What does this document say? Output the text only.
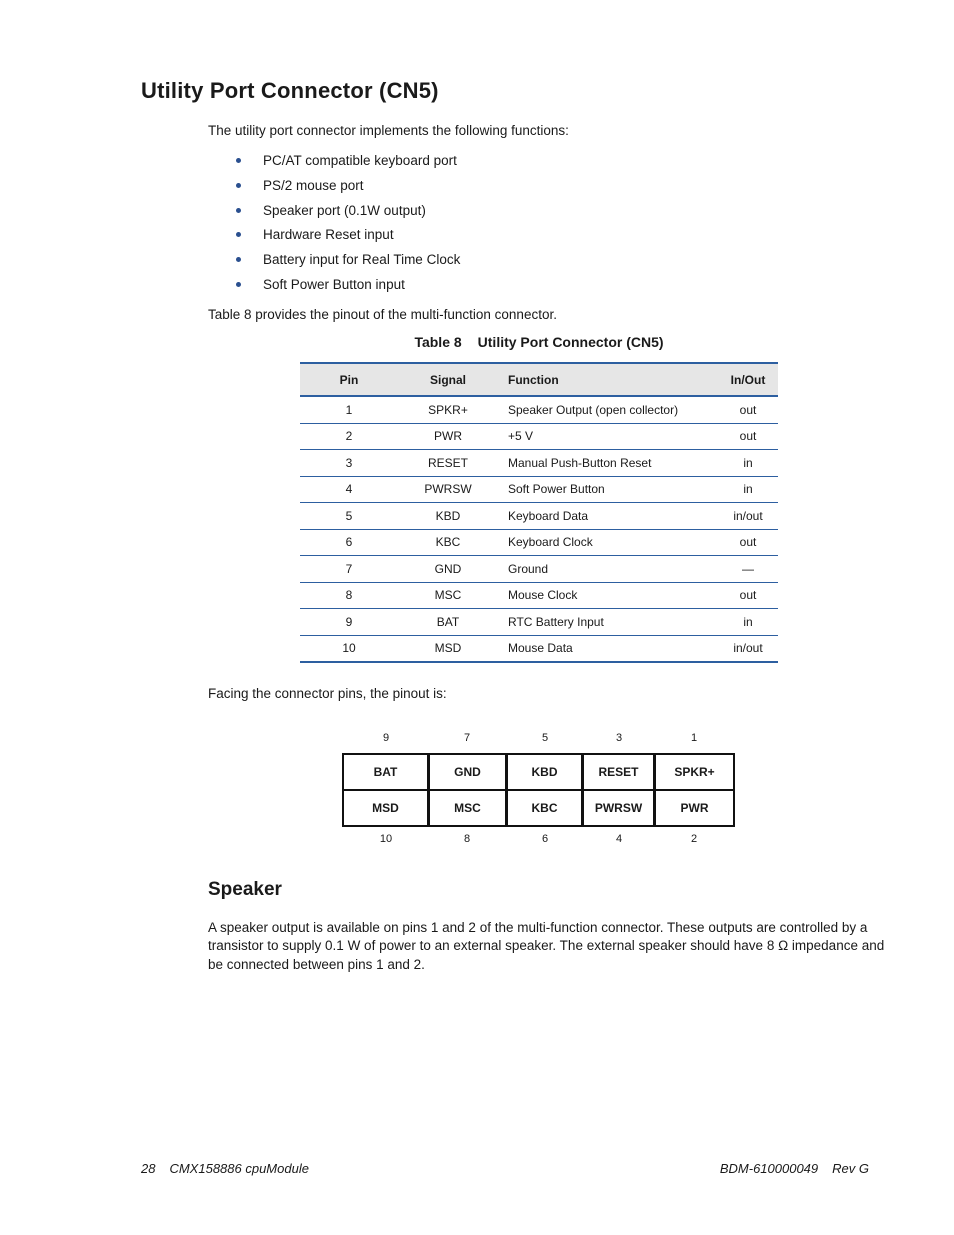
Utility Port Connector (CN5)
The utility port connector implements the following functions:
PC/AT compatible keyboard port
PS/2 mouse port
Speaker port (0.1W output)
Hardware Reset input
Battery input for Real Time Clock
Soft Power Button input
Table 8 provides the pinout of the multi-function connector.
Table 8 Utility Port Connector (CN5)
Pin	Signal	Function	In/Out
1	SPKR+	Speaker Output (open collector)	out
2	PWR	+5 V	out
3	RESET	Manual Push-Button Reset	in
4	PWRSW	Soft Power Button	in
5	KBD	Keyboard Data	in/out
6	KBC	Keyboard Clock	out
7	GND	Ground	—
8	MSC	Mouse Clock	out
9	BAT	RTC Battery Input	in
10	MSD	Mouse Data	in/out
Facing the connector pins, the pinout is:
9	7	5	3	1
BAT	GND	KBD	RESET	SPKR+
MSD	MSC	KBC	PWRSW	PWR
10	8	6	4	2
Speaker
A speaker output is available on pins 1 and 2 of the multi-function connector. These outputs are controlled by a
transistor to supply 0.1 W of power to an external speaker. The external speaker should have 8 Ω impedance and
be connected between pins 1 and 2.
28 CMX158886 cpuModule	BDM-610000049 Rev G
